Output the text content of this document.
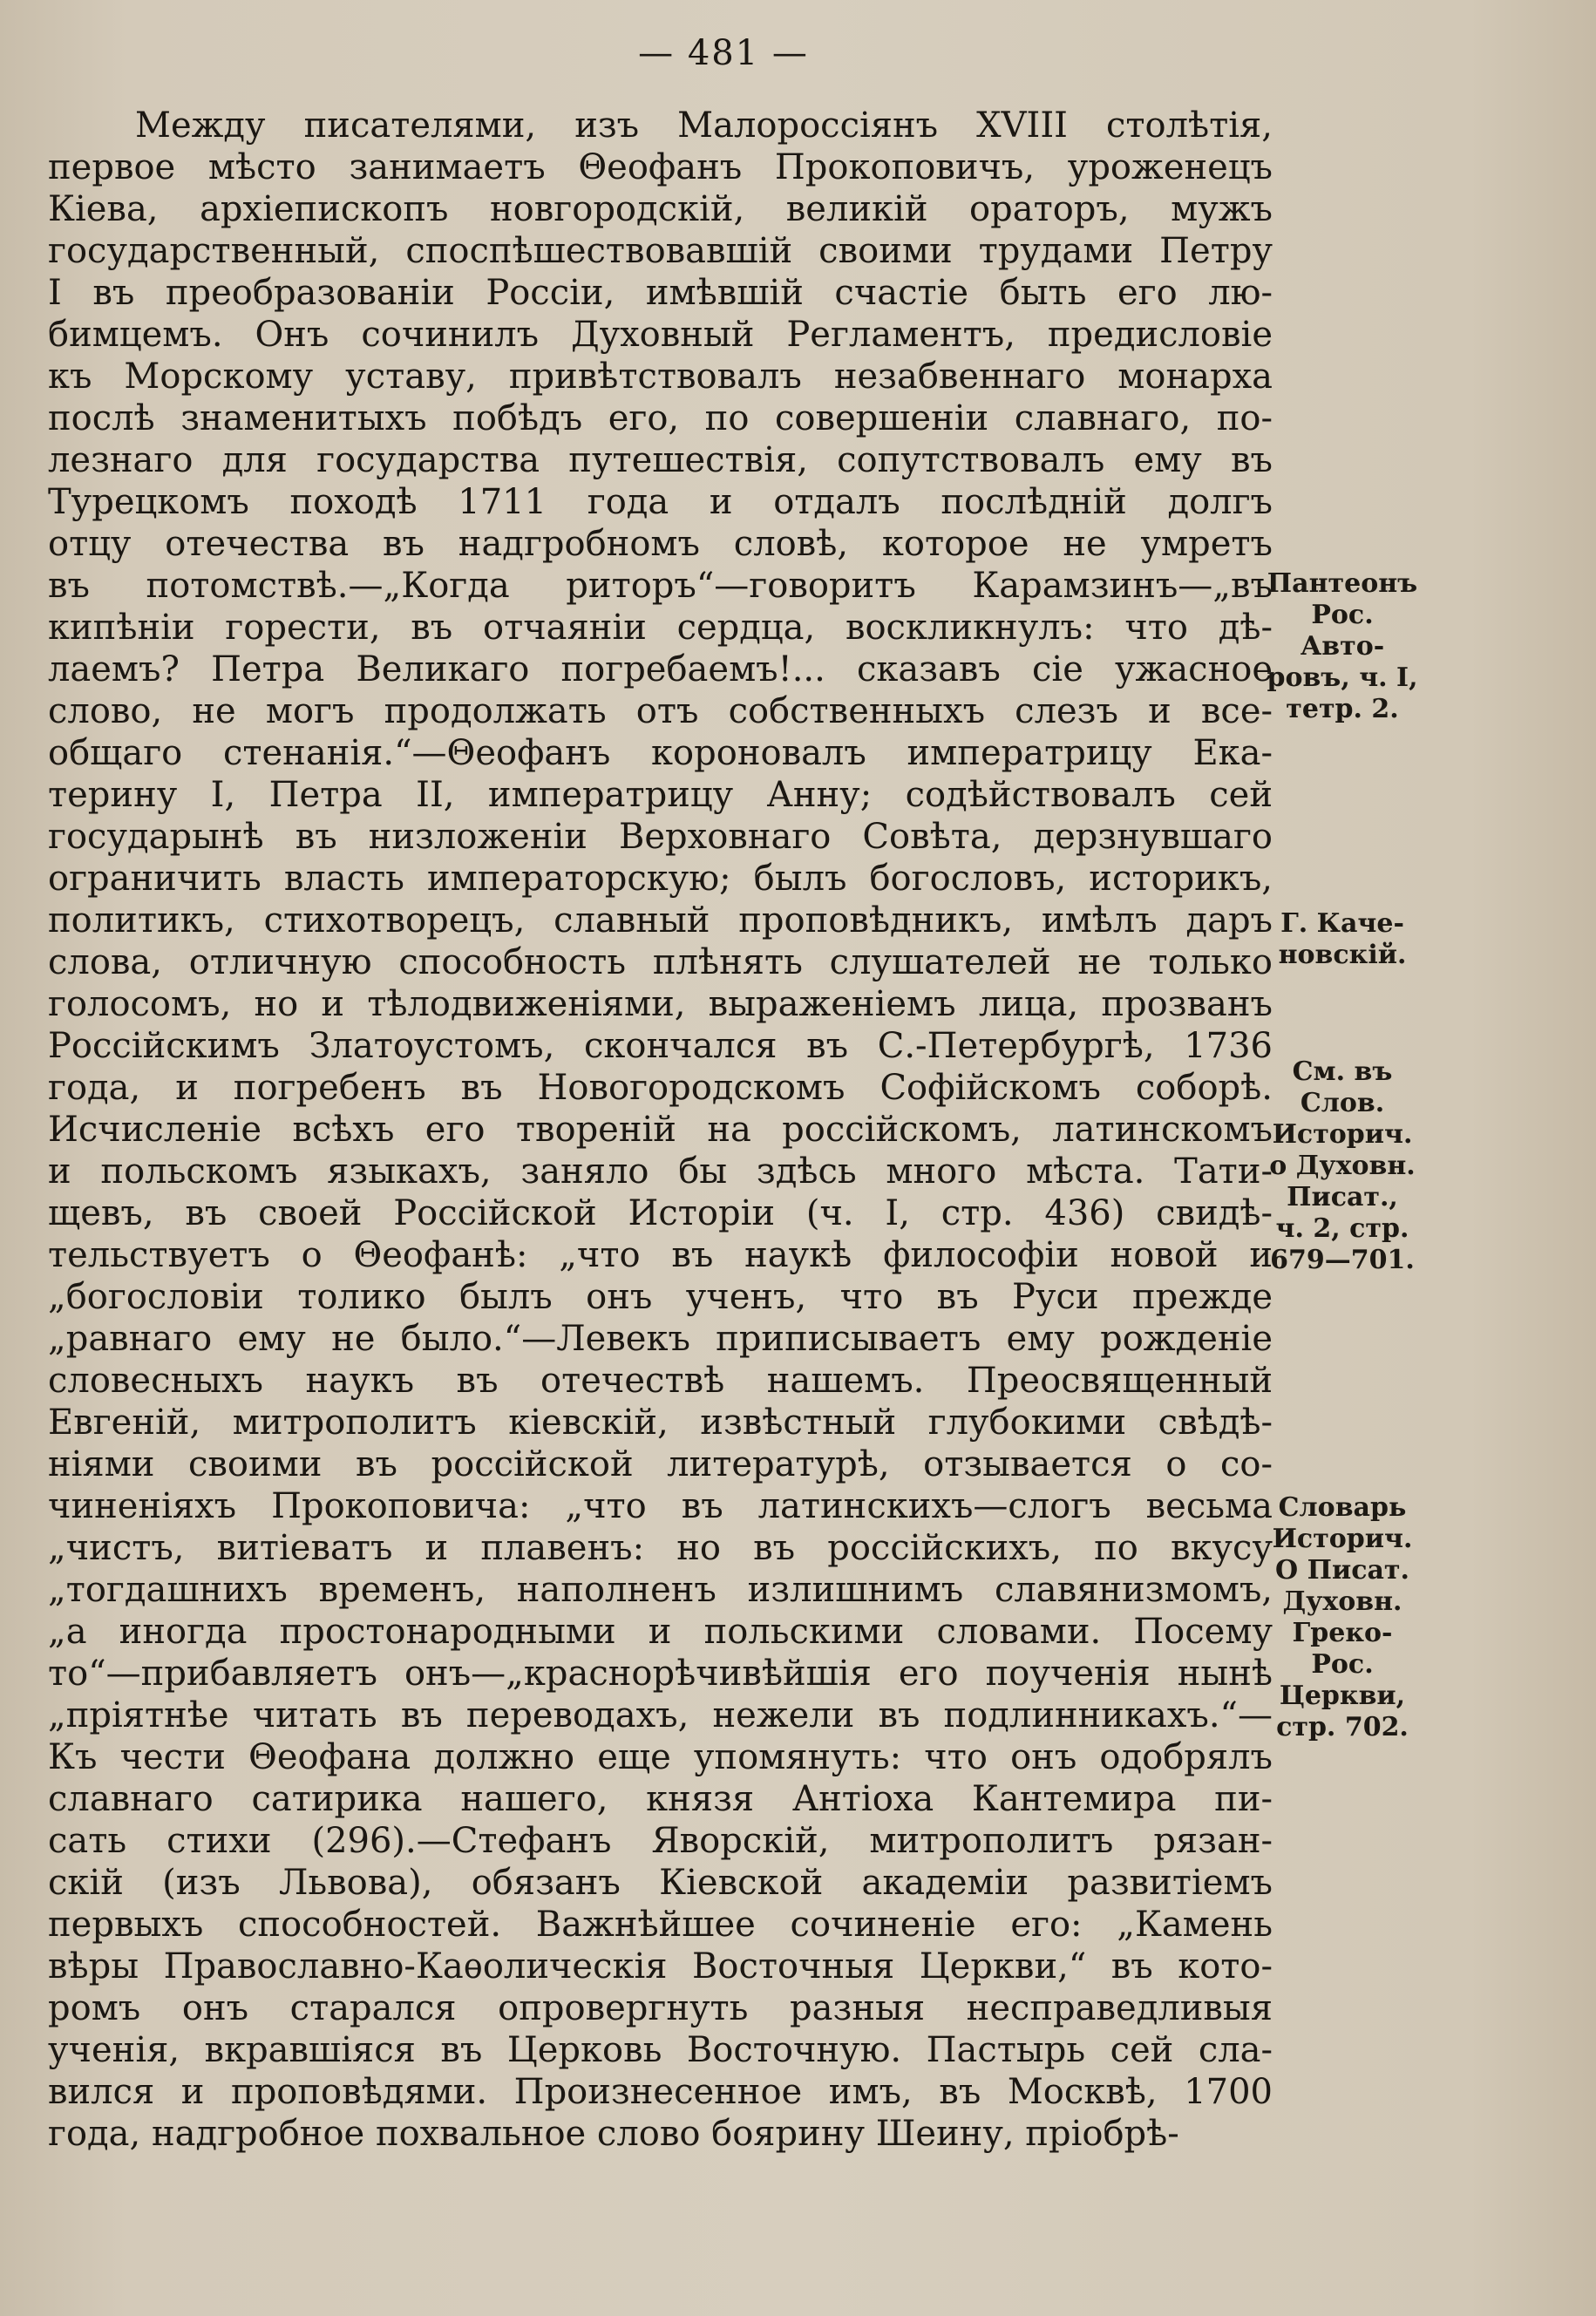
— 481 —
Между писателями, изъ Малороссіянъ XVIII столѣтія,
первое мѣсто занимаетъ Θеофанъ Прокоповичъ, уроженецъ
Кіева, архіепископъ новгородскій, великій ораторъ, мужъ
государственный, споспѣшествовавшій своими трудами Петру
I въ преобразованіи Россіи, имѣвшій счастіе быть его лю-
бимцемъ. Онъ сочинилъ Духовный Регламентъ, предисловіе
къ Морскому уставу, привѣтствовалъ незабвеннаго монарха
послѣ знаменитыхъ побѣдъ его, по совершеніи славнаго, по-
лезнаго для государства путешествія, сопутствовалъ ему въ
Турецкомъ походѣ 1711 года и отдалъ послѣдній долгъ
отцу отечества въ надгробномъ словѣ, которое не умретъ
въ потомствѣ.—„Когда риторъ“—говоритъ Карамзинъ—„въ
кипѣніи горести, въ отчаяніи сердца, воскликнулъ: что дѣ-
лаемъ? Петра Великаго погребаемъ!... сказавъ сіе ужасное
слово, не могъ продолжать отъ собственныхъ слезъ и все-
общаго стенанія.“—Θеофанъ короновалъ императрицу Ека-
терину I, Петра II, императрицу Анну; содѣйствовалъ сей
государынѣ въ низложеніи Верховнаго Совѣта, дерзнувшаго
ограничить власть императорскую; былъ богословъ, историкъ,
политикъ, стихотворецъ, славный проповѣдникъ, имѣлъ даръ
слова, отличную способность плѣнять слушателей не только
голосомъ, но и тѣлодвиженіями, выраженіемъ лица, прозванъ
Россійскимъ Златоустомъ, скончался въ С.-Петербургѣ, 1736
года, и погребенъ въ Новогородскомъ Софійскомъ соборѣ.
Исчисленіе всѣхъ его твореній на россійскомъ, латинскомъ
и польскомъ языкахъ, заняло бы здѣсь много мѣста. Тати-
щевъ, въ своей Россійской Исторіи (ч. I, стр. 436) свидѣ-
тельствуетъ о Θеофанѣ: „что въ наукѣ философіи новой и
„богословіи толико былъ онъ ученъ, что въ Руси прежде
„равнаго ему не было.“—Левекъ приписываетъ ему рожденіе
словесныхъ наукъ въ отечествѣ нашемъ. Преосвященный
Евгеній, митрополитъ кіевскій, извѣстный глубокими свѣдѣ-
ніями своими въ россійской литературѣ, отзывается о со-
чиненіяхъ Прокоповича: „что въ латинскихъ—слогъ весьма
„чистъ, витіеватъ и плавенъ: но въ россійскихъ, по вкусу
„тогдашнихъ временъ, наполненъ излишнимъ славянизмомъ,
„а иногда простонародными и польскими словами. Посему
то“—прибавляетъ онъ—„краснорѣчивѣйшія его поученія нынѣ
„пріятнѣе читать въ переводахъ, нежели въ подлинникахъ.“—
Къ чести Θеофана должно еще упомянуть: что онъ одобрялъ
славнаго сатирика нашего, князя Антіоха Кантемира пи-
сать стихи (296).—Стефанъ Яворскій, митрополитъ рязан-
скій (изъ Львова), обязанъ Кіевской академіи развитіемъ
первыхъ способностей. Важнѣйшее сочиненіе его: „Камень
вѣры Православно-Каѳолическія Восточныя Церкви,“ въ кото-
ромъ онъ старался опровергнуть разныя несправедливыя
ученія, вкравшіяся въ Церковь Восточную. Пастырь сей сла-
вился и проповѣдями. Произнесенное имъ, въ Москвѣ, 1700
года, надгробное похвальное слово боярину Шеину, пріобрѣ-
Пантеонъ
Рос.
Авто-
ровъ, ч. I,
тетр. 2.
Г. Каче-
новскій.
См. въ
Слов.
Историч.
о Духовн.
Писат.,
ч. 2, стр.
679—701.
Словарь
Историч.
О Писат.
Духовн.
Греко-
Рос.
Церкви,
стр. 702.
